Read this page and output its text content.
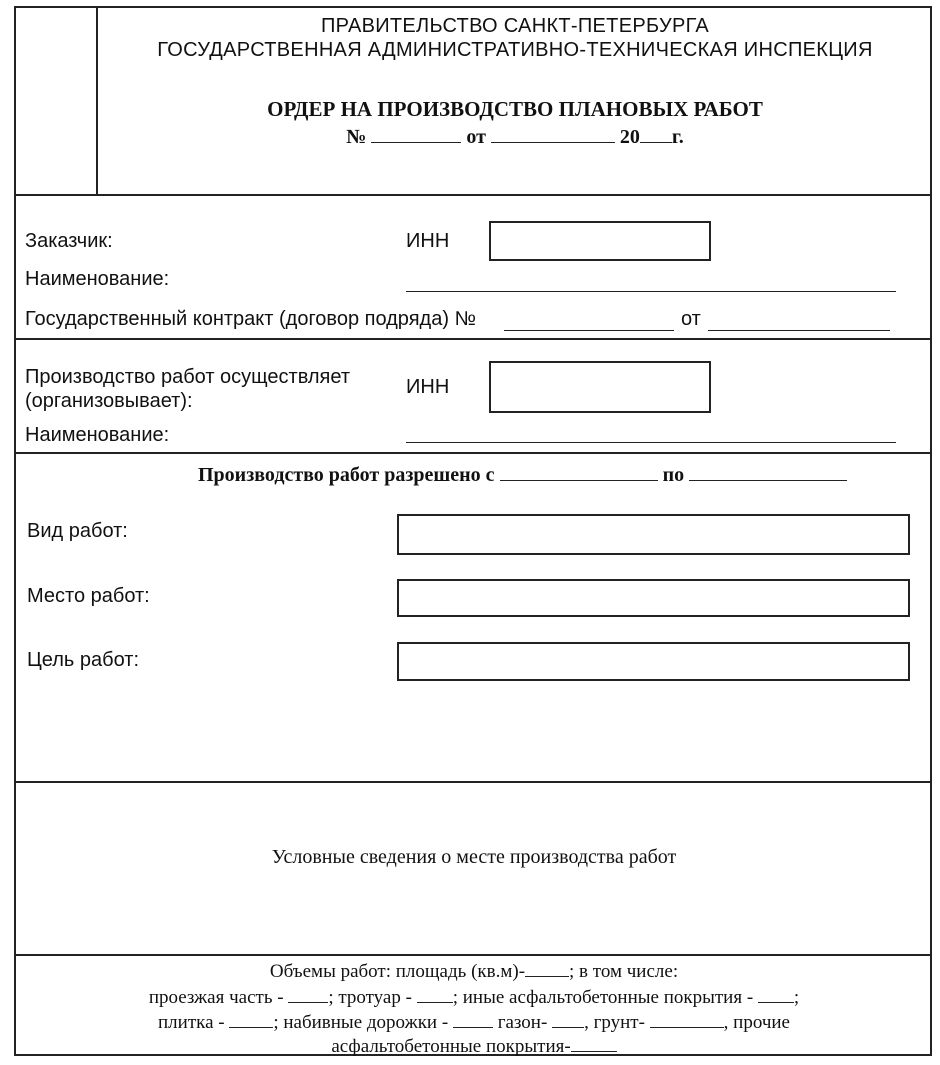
ПРАВИТЕЛЬСТВО САНКТ-ПЕТЕРБУРГА
ГОСУДАРСТВЕННАЯ АДМИНИСТРАТИВНО-ТЕХНИЧЕСКАЯ ИНСПЕКЦИЯ
ОРДЕР НА ПРОИЗВОДСТВО ПЛАНОВЫХ РАБОТ
№	от	20 г.
Заказчик:	ИНН
Наименование:
Государственный контракт (договор подряда) №	от
Производство работ осуществляет
(организовывает):
ИНН
Наименование:
Производство работ разрешено с	по
Вид работ:
Место работ:
Цель работ:
Условные сведения о месте производства работ
Объемы работ: площадь (кв.м)- ; в том числе:
проезжая часть - ; тротуар - ; иные асфальтобетонные покрытия - ;
плитка -	; набивные дорожки -	газон- , грунт-	, прочие
асфальтобетонные покрытия-
